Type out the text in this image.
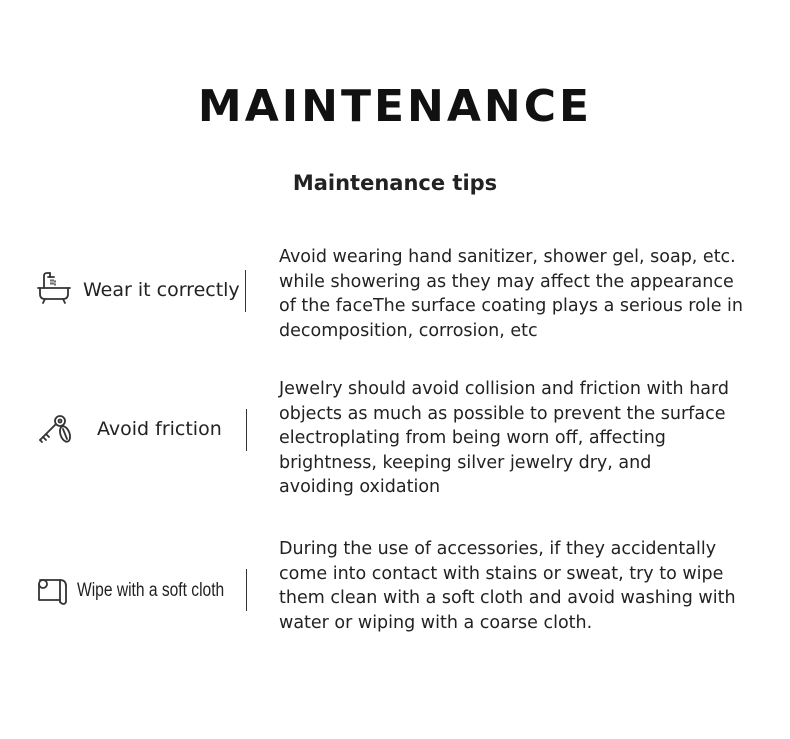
MAINTENANCE
Maintenance tips
Wear it correctly
Avoid wearing hand sanitizer, shower gel, soap, etc.
while showering as they may affect the appearance
of the faceThe surface coating plays a serious role in
decomposition, corrosion, etc
Avoid friction
Jewelry should avoid collision and friction with hard
objects as much as possible to prevent the surface
electroplating from being worn off, affecting
brightness, keeping silver jewelry dry, and
avoiding oxidation
Wipe with a soft cloth
During the use of accessories, if they accidentally
come into contact with stains or sweat, try to wipe
them clean with a soft cloth and avoid washing with
water or wiping with a coarse cloth.
